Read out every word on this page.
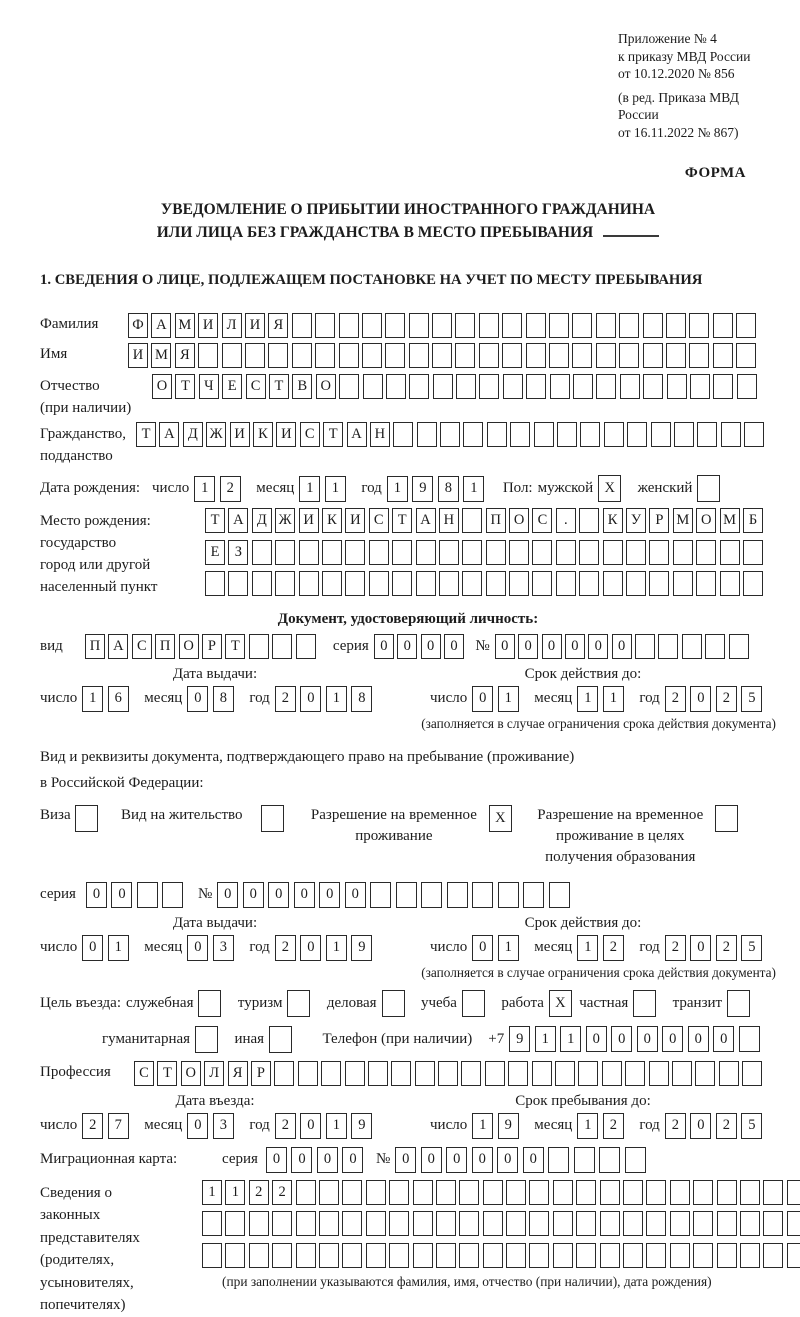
Приложение № 4
к приказу МВД России
от 10.12.2020 № 856
(в ред. Приказа МВД России
от 16.11.2022 № 867)
ФОРМА
УВЕДОМЛЕНИЕ О ПРИБЫТИИ ИНОСТРАННОГО ГРАЖДАНИНА
ИЛИ ЛИЦА БЕЗ ГРАЖДАНСТВА В МЕСТО ПРЕБЫВАНИЯ
1. СВЕДЕНИЯ О ЛИЦЕ, ПОДЛЕЖАЩЕМ ПОСТАНОВКЕ НА УЧЕТ ПО МЕСТУ ПРЕБЫВАНИЯ
Фамилия	Ф А М И Л И Я
Имя	И М Я
Отчество
(при наличии)
О Т Ч Е С Т В О
Гражданство,
подданство
Т А Д Ж И К И С Т А Н
Дата рождения: число 1	2	месяц 1	1	год 1	9	8	1	Пол: мужской X	женский
Место рождения:
государство
город или другой
населенный пункт
Т А Д Ж И К И С Т А Н	П О С	.	К У Р М О М Б
Е	З
Документ, удостоверяющий личность:
вид	П А С П О Р	Т	серия 0	0	0	0	№ 0	0	0	0	0	0
Дата выдачи:	Срок действия до:
число 1	6	месяц 0	8	год 2	0	1	8	число 0	1	месяц 1	1	год 2	0	2	5
(заполняется в случае ограничения срока действия документа)
Вид и реквизиты документа, подтверждающего право на пребывание (проживание)
в Российской Федерации:
Виза	Вид на жительство	Разрешение на временное
проживание
X	Разрешение на временное
проживание в целях
получения образования
серия	0	0	№ 0	0	0	0	0	0
Дата выдачи:	Срок действия до:
число 0	1	месяц 0	3	год 2	0	1	9	число 0	1	месяц 1	2	год 2	0	2	5
(заполняется в случае ограничения срока действия документа)
Цель въезда: служебная	туризм	деловая	учеба	работа X частная	транзит
гуманитарная	иная	Телефон (при наличии) +7 9	1	1	0	0	0	0	0	0
Профессия	С Т О Л Я	Р
Дата въезда:	Срок пребывания до:
число 2	7	месяц 0	3	год 2	0	1	9	число 1	9	месяц 1	2	год 2	0	2	5
Миграционная карта:	серия	0	0	0	0	№ 0	0	0	0	0	0
Сведения о
законных
представителях
(родителях,
усыновителях,
попечителях)
1	1	2	2
(при заполнении указываются фамилия, имя, отчество (при наличии), дата рождения)
